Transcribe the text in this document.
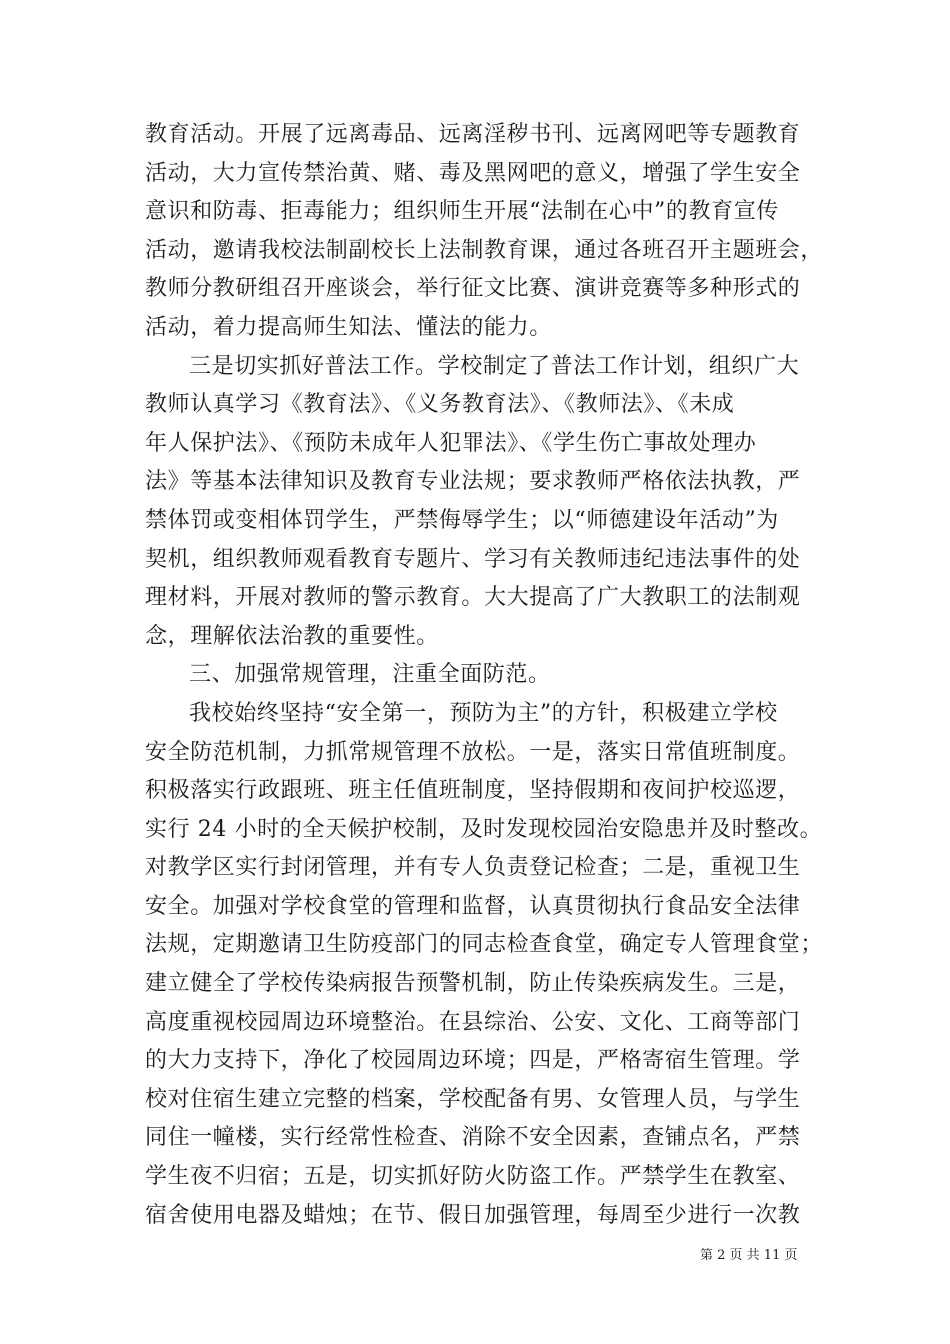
教育活动。开展了远离毒品、远离淫秽书刊、远离网吧等专题教育
活动，大力宣传禁治黄、赌、毒及黑网吧的意义，增强了学生安全
意识和防毒、拒毒能力；组织师生开展“法制在心中”的教育宣传
活动，邀请我校法制副校长上法制教育课，通过各班召开主题班会，
教师分教研组召开座谈会，举行征文比赛、演讲竞赛等多种形式的
活动，着力提高师生知法、懂法的能力。
三是切实抓好普法工作。学校制定了普法工作计划，组织广大
教师认真学习《教育法》、《义务教育法》、《教师法》、《未成
年人保护法》、《预防未成年人犯罪法》、《学生伤亡事故处理办
法》等基本法律知识及教育专业法规；要求教师严格依法执教，严
禁体罚或变相体罚学生，严禁侮辱学生；以“师德建设年活动”为
契机，组织教师观看教育专题片、学习有关教师违纪违法事件的处
理材料，开展对教师的警示教育。大大提高了广大教职工的法制观
念，理解依法治教的重要性。
三、加强常规管理，注重全面防范。
我校始终坚持“安全第一，预防为主”的方针，积极建立学校
安全防范机制，力抓常规管理不放松。一是，落实日常值班制度。
积极落实行政跟班、班主任值班制度，坚持假期和夜间护校巡逻，
实行 24 小时的全天候护校制，及时发现校园治安隐患并及时整改。
对教学区实行封闭管理，并有专人负责登记检查；二是，重视卫生
安全。加强对学校食堂的管理和监督，认真贯彻执行食品安全法律
法规，定期邀请卫生防疫部门的同志检查食堂，确定专人管理食堂；
建立健全了学校传染病报告预警机制，防止传染疾病发生。三是，
高度重视校园周边环境整治。在县综治、公安、文化、工商等部门
的大力支持下，净化了校园周边环境；四是，严格寄宿生管理。学
校对住宿生建立完整的档案，学校配备有男、女管理人员，与学生
同住一幢楼，实行经常性检查、消除不安全因素，查铺点名，严禁
学生夜不归宿；五是，切实抓好防火防盗工作。严禁学生在教室、
宿舍使用电器及蜡烛；在节、假日加强管理，每周至少进行一次教
第 2 页 共 11 页
